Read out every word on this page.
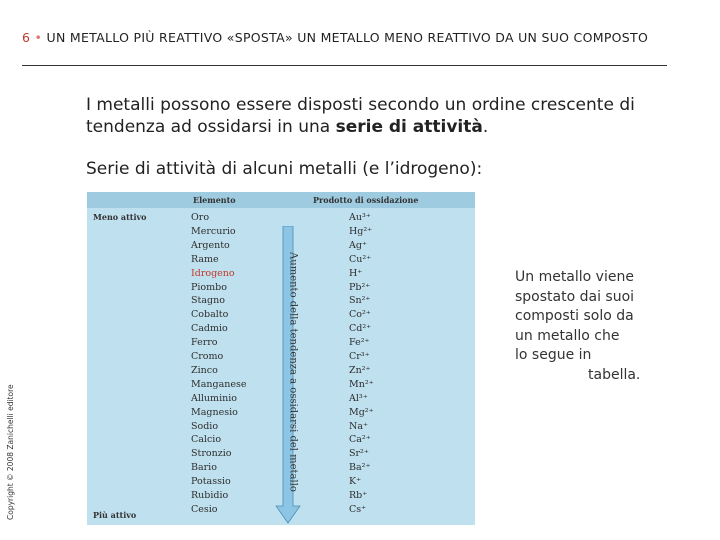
6 • UN METALLO PIÙ REATTIVO «SPOSTA» UN METALLO MENO REATTIVO DA UN SUO COMPOSTO

I metalli possono essere disposti secondo un ordine crescente di tendenza ad ossidarsi in una serie di attività.

Serie di attività di alcuni metalli (e l’idrogeno):

Copyright © 2008 Zanichelli editore
Elemento	Prodotto di ossidazione
Meno attivo
Più attivo
Aumento della tendenza a ossidarsi del metallo
Oro	Au³⁺
Mercurio	Hg²⁺
Argento	Ag⁺
Rame	Cu²⁺
Idrogeno	H⁺
Piombo	Pb²⁺
Stagno	Sn²⁺
Cobalto	Co²⁺
Cadmio	Cd²⁺
Ferro	Fe²⁺
Cromo	Cr³⁺
Zinco	Zn²⁺
Manganese	Mn²⁺
Alluminio	Al³⁺
Magnesio	Mg²⁺
Sodio	Na⁺
Calcio	Ca²⁺
Stronzio	Sr²⁺
Bario	Ba²⁺
Potassio	K⁺
Rubidio	Rb⁺
Cesio	Cs⁺
Un metallo viene
spostato dai suoi
composti solo da
un metallo che
lo segue in
tabella.
